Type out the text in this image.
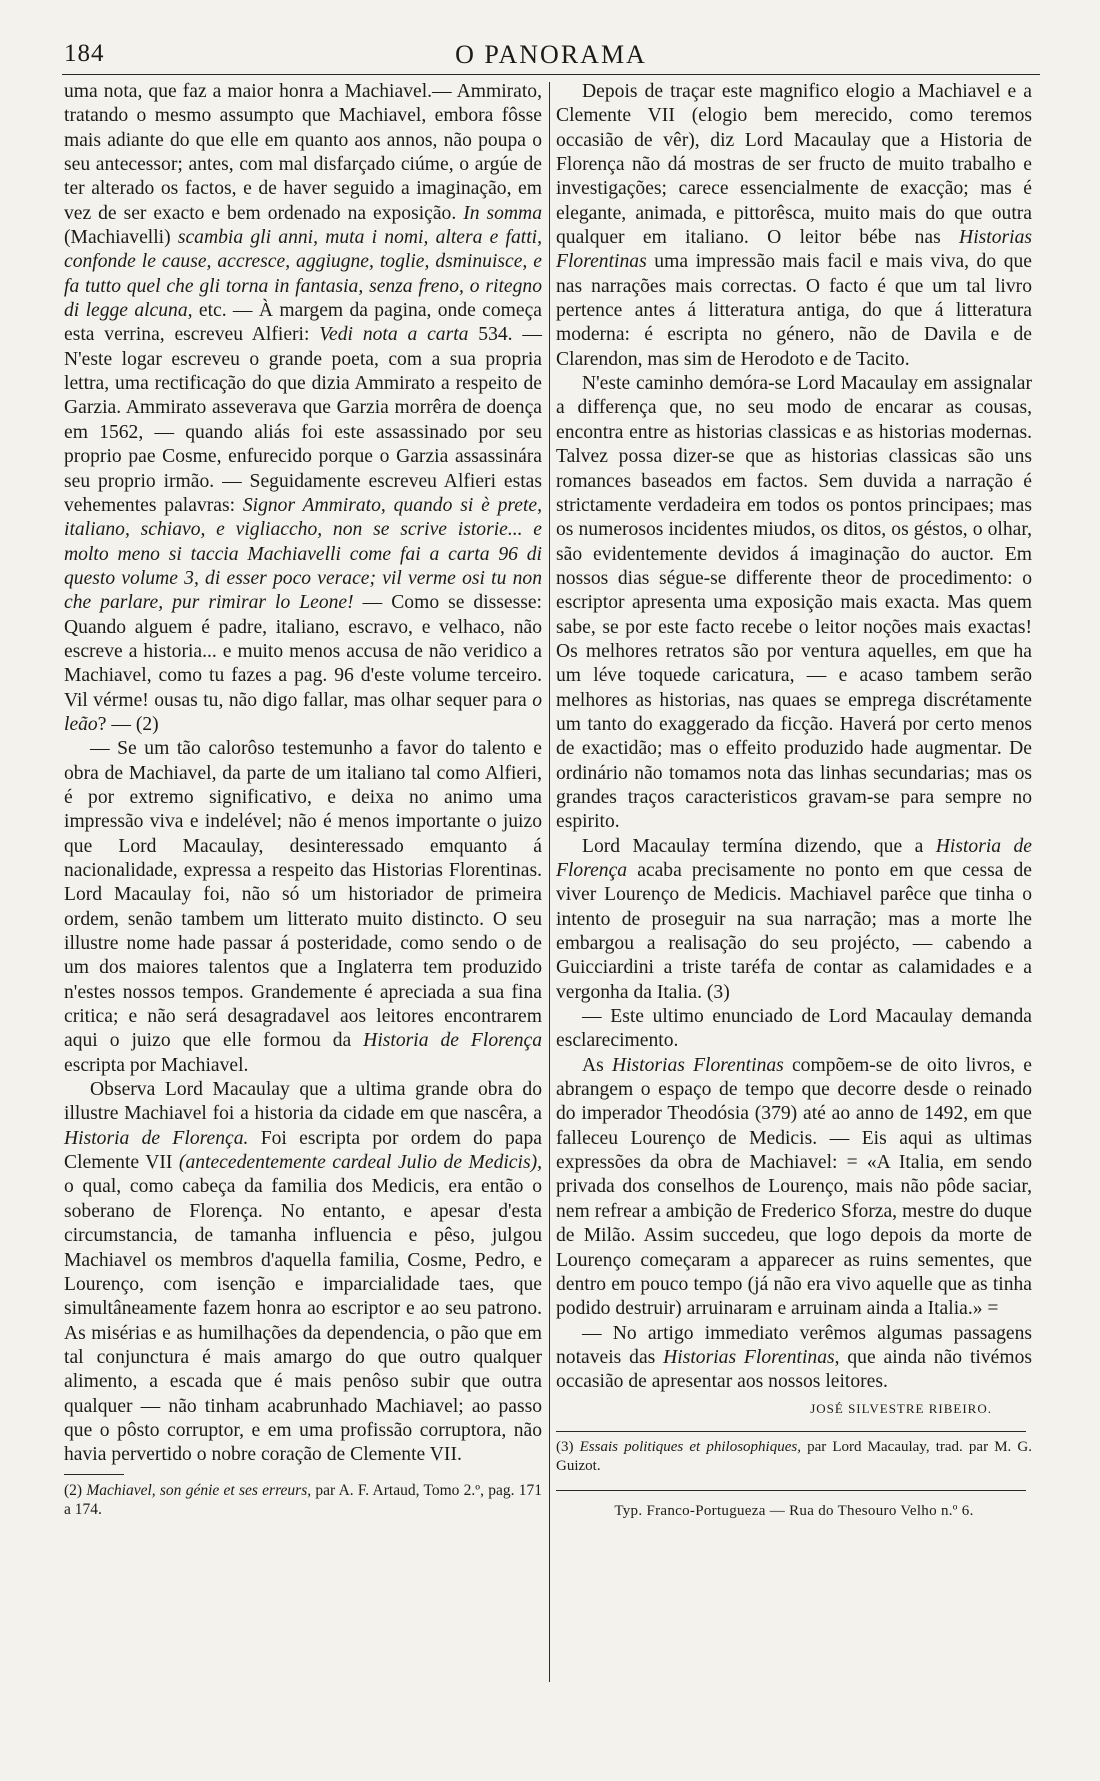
184	O PANORAMA

uma nota, que faz a maior honra a Machiavel.— Ammirato, tratando o mesmo assumpto que Machiavel, embora fôsse mais adiante do que elle em quanto aos annos, não poupa o seu antecessor; antes, com mal disfarçado ciúme, o argúe de ter alterado os factos, e de haver seguido a imaginação, em vez de ser exacto e bem ordenado na exposição. In somma (Machiavelli) scambia gli anni, muta i nomi, altera e fatti, confonde le cause, accresce, aggiugne, toglie, dsminuisce, e fa tutto quel che gli torna in fantasia, senza freno, o ritegno di legge alcuna, etc. — À margem da pagina, onde começa esta verrina, escreveu Alfieri: Vedi nota a carta 534. — N'este logar escreveu o grande poeta, com a sua propria lettra, uma rectificação do que dizia Ammirato a respeito de Garzia. Ammirato asseverava que Garzia morrêra de doença em 1562, — quando aliás foi este assassinado por seu proprio pae Cosme, enfurecido porque o Garzia assassinára seu proprio irmão. — Seguidamente escreveu Alfieri estas vehementes palavras: Signor Ammirato, quando si è prete, italiano, schiavo, e vigliaccho, non se scrive istorie... e molto meno si taccia Machiavelli come fai a carta 96 di questo volume 3, di esser poco verace; vil verme osi tu non che parlare, pur rimirar lo Leone! — Como se dissesse: Quando alguem é padre, italiano, escravo, e velhaco, não escreve a historia... e muito menos accusa de não veridico a Machiavel, como tu fazes a pag. 96 d'este volume terceiro. Vil vérme! ousas tu, não digo fallar, mas olhar sequer para o leão? — (2)

— Se um tão calorôso testemunho a favor do talento e obra de Machiavel, da parte de um italiano tal como Alfieri, é por extremo significativo, e deixa no animo uma impressão viva e indelével; não é menos importante o juizo que Lord Macaulay, desinteressado emquanto á nacionalidade, expressa a respeito das Historias Florentinas. Lord Macaulay foi, não só um historiador de primeira ordem, senão tambem um litterato muito distincto. O seu illustre nome hade passar á posteridade, como sendo o de um dos maiores talentos que a Inglaterra tem produzido n'estes nossos tempos. Grandemente é apreciada a sua fina critica; e não será desagradavel aos leitores encontrarem aqui o juizo que elle formou da Historia de Florença escripta por Machiavel.

Observa Lord Macaulay que a ultima grande obra do illustre Machiavel foi a historia da cidade em que nascêra, a Historia de Florença. Foi escripta por ordem do papa Clemente VII (antecedentemente cardeal Julio de Medicis), o qual, como cabeça da familia dos Medicis, era então o soberano de Florença. No entanto, e apesar d'esta circumstancia, de tamanha influencia e pêso, julgou Machiavel os membros d'aquella familia, Cosme, Pedro, e Lourenço, com isenção e imparcialidade taes, que simultâneamente fazem honra ao escriptor e ao seu patrono. As misérias e as humilhações da dependencia, o pão que em tal conjunctura é mais amargo do que outro qualquer alimento, a escada que é mais penôso subir que outra qualquer — não tinham acabrunhado Machiavel; ao passo que o pôsto corruptor, e em uma profissão corruptora, não havia pervertido o nobre coração de Clemente VII.

(2) Machiavel, son génie et ses erreurs, par A. F. Artaud, Tomo 2.º, pag. 171 a 174.

Depois de traçar este magnifico elogio a Machiavel e a Clemente VII (elogio bem merecido, como teremos occasião de vêr), diz Lord Macaulay que a Historia de Florença não dá mostras de ser fructo de muito trabalho e investigações; carece essencialmente de exacção; mas é elegante, animada, e pittorêsca, muito mais do que outra qualquer em italiano. O leitor bébe nas Historias Florentinas uma impressão mais facil e mais viva, do que nas narrações mais correctas. O facto é que um tal livro pertence antes á litteratura antiga, do que á litteratura moderna: é escripta no género, não de Davila e de Clarendon, mas sim de Herodoto e de Tacito.

N'este caminho demóra-se Lord Macaulay em assignalar a differença que, no seu modo de encarar as cousas, encontra entre as historias classicas e as historias modernas. Talvez possa dizer-se que as historias classicas são uns romances baseados em factos. Sem duvida a narração é strictamente verdadeira em todos os pontos principaes; mas os numerosos incidentes miudos, os ditos, os géstos, o olhar, são evidentemente devidos á imaginação do auctor. Em nossos dias ségue-se differente theor de procedimento: o escriptor apresenta uma exposição mais exacta. Mas quem sabe, se por este facto recebe o leitor noções mais exactas! Os melhores retratos são por ventura aquelles, em que ha um léve toquede caricatura, — e acaso tambem serão melhores as historias, nas quaes se emprega discrétamente um tanto do exaggerado da ficção. Haverá por certo menos de exactidão; mas o effeito produzido hade augmentar. De ordinário não tomamos nota das linhas secundarias; mas os grandes traços caracteristicos gravam-se para sempre no espirito.

Lord Macaulay termína dizendo, que a Historia de Florença acaba precisamente no ponto em que cessa de viver Lourenço de Medicis. Machiavel parêce que tinha o intento de proseguir na sua narração; mas a morte lhe embargou a realisação do seu projécto, — cabendo a Guicciardini a triste taréfa de contar as calamidades e a vergonha da Italia. (3)

— Este ultimo enunciado de Lord Macaulay demanda esclarecimento.

As Historias Florentinas compõem-se de oito livros, e abrangem o espaço de tempo que decorre desde o reinado do imperador Theodósia (379) até ao anno de 1492, em que falleceu Lourenço de Medicis. — Eis aqui as ultimas expressões da obra de Machiavel: = «A Italia, em sendo privada dos conselhos de Lourenço, mais não pôde saciar, nem refrear a ambição de Frederico Sforza, mestre do duque de Milão. Assim succedeu, que logo depois da morte de Lourenço começaram a apparecer as ruins sementes, que dentro em pouco tempo (já não era vivo aquelle que as tinha podido destruir) arruinaram e arruinam ainda a Italia.» =

— No artigo immediato verêmos algumas passagens notaveis das Historias Florentinas, que ainda não tivémos occasião de apresentar aos nossos leitores.

JOSÉ SILVESTRE RIBEIRO.
(3) Essais politiques et philosophiques, par Lord Macaulay, trad. par M. G. Guizot.
Typ. Franco-Portugueza — Rua do Thesouro Velho n.º 6.
